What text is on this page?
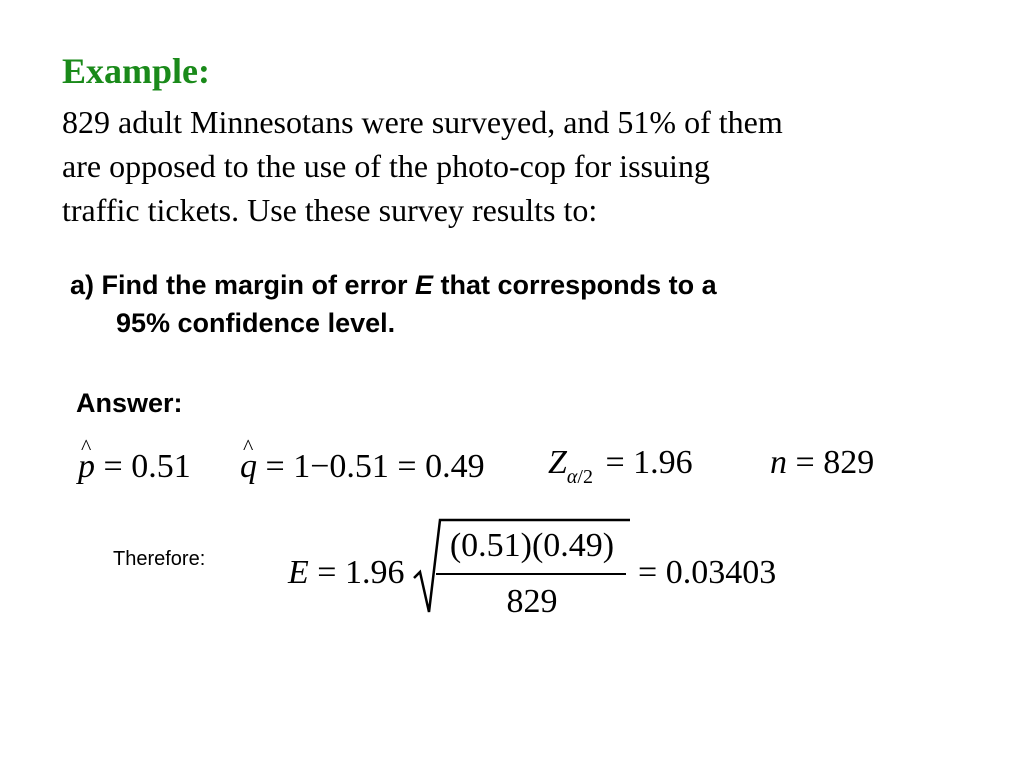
Example:
829 adult Minnesotans were surveyed, and 51% of them
are opposed to the use of the photo-cop for issuing
traffic tickets. Use these survey results to:
a) Find the margin of error E that corresponds to a
95% confidence level.
Answer:
^ p = 0.51
^ q = 1−0.51 = 0.49 $Z_{\alpha/2} = 1.96$ n = 829
Therefore: E = 1.96
(0.51)(0.49)
829
= 0.03403
